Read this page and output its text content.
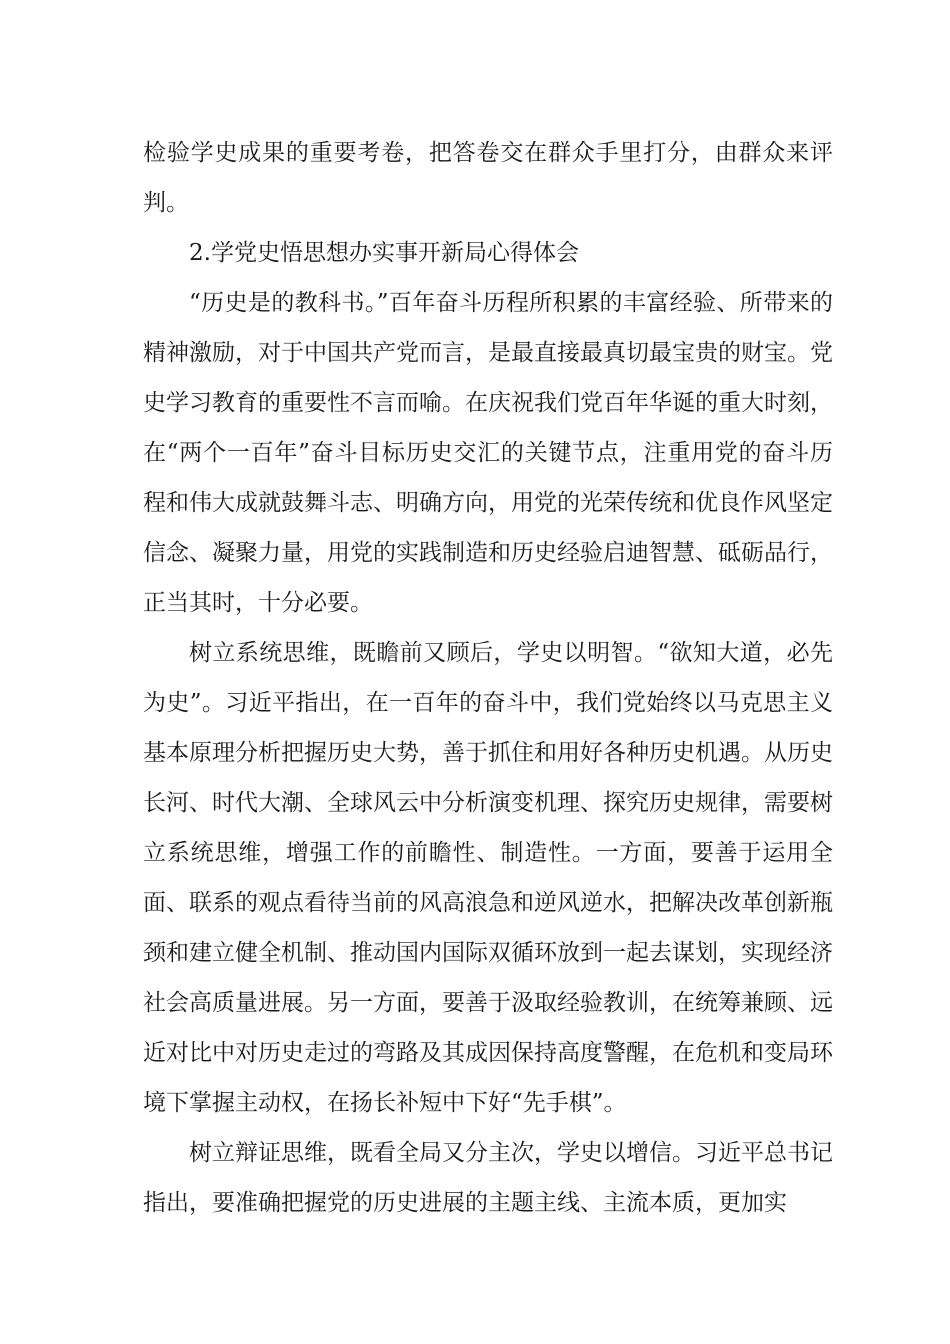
检验学史成果的重要考卷，把答卷交在群众手里打分，由群众来评判。

2.学党史悟思想办实事开新局心得体会

“历史是的教科书。”百年奋斗历程所积累的丰富经验、所带来的精神激励，对于中国共产党而言，是最直接最真切最宝贵的财宝。党史学习教育的重要性不言而喻。在庆祝我们党百年华诞的重大时刻，在“两个一百年”奋斗目标历史交汇的关键节点，注重用党的奋斗历程和伟大成就鼓舞斗志、明确方向，用党的光荣传统和优良作风坚定信念、凝聚力量，用党的实践制造和历史经验启迪智慧、砥砺品行，正当其时，十分必要。

树立系统思维，既瞻前又顾后，学史以明智。“欲知大道，必先为史”。习近平指出，在一百年的奋斗中，我们党始终以马克思主义基本原理分析把握历史大势，善于抓住和用好各种历史机遇。从历史长河、时代大潮、全球风云中分析演变机理、探究历史规律，需要树立系统思维，增强工作的前瞻性、制造性。一方面，要善于运用全面、联系的观点看待当前的风高浪急和逆风逆水，把解决改革创新瓶颈和建立健全机制、推动国内国际双循环放到一起去谋划，实现经济社会高质量进展。另一方面，要善于汲取经验教训，在统筹兼顾、远近对比中对历史走过的弯路及其成因保持高度警醒，在危机和变局环境下掌握主动权，在扬长补短中下好“先手棋”。

树立辩证思维，既看全局又分主次，学史以增信。习近平总书记指出，要准确把握党的历史进展的主题主线、主流本质，更加实
